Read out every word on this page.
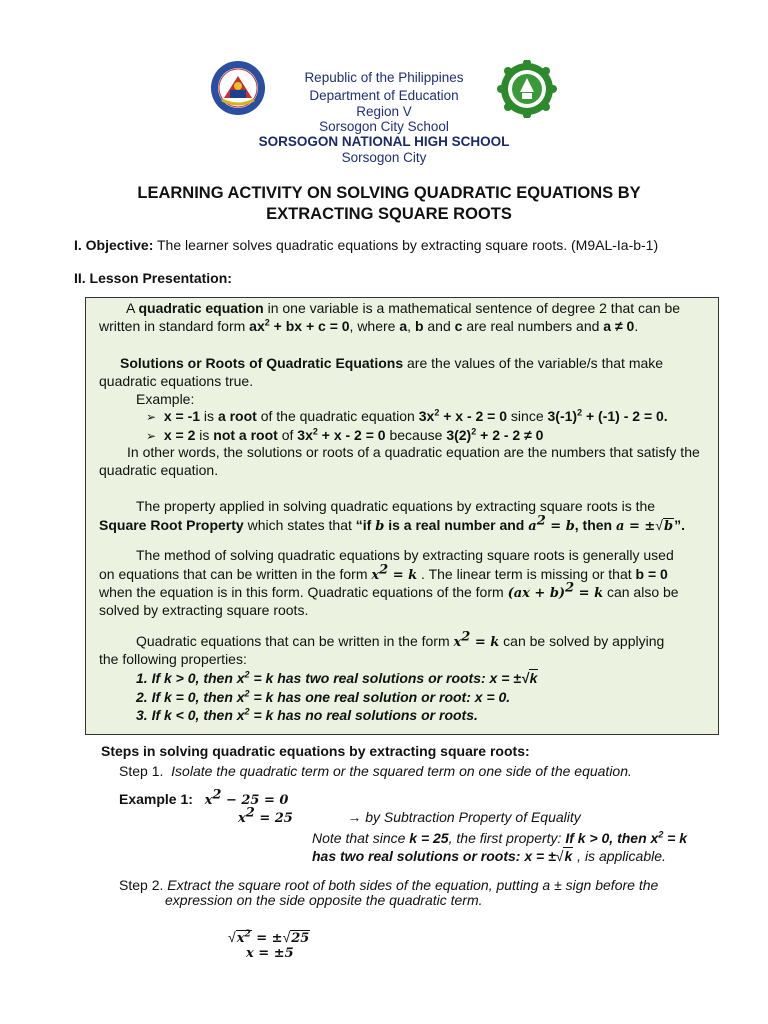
Republic of the Philippines
Department of Education
Region V
Sorsogon City School
SORSOGON NATIONAL HIGH SCHOOL
Sorsogon City
LEARNING ACTIVITY ON SOLVING QUADRATIC EQUATIONS BY
EXTRACTING SQUARE ROOTS
I. Objective: The learner solves quadratic equations by extracting square roots. (M9AL-Ia-b-1)
II. Lesson Presentation:
A quadratic equation in one variable is a mathematical sentence of degree 2 that can be
written in standard form $ax^2$ + bx + c = 0, where a, b and c are real numbers and a ≠ 0.
Solutions or Roots of Quadratic Equations are the values of the variable/s that make
quadratic equations true.
Example:
➢ x = -1 is a root of the quadratic equation $3x^2 + x - 2 = 0$ since $3(-1)^2 + (-1) - 2 = 0$.
➢ x = 2 is not a root of $3x^2 + x - 2 = 0$ because $3(2)^2 + 2 - 2 \ne 0$
In other words, the solutions or roots of a quadratic equation are the numbers that satisfy the
quadratic equation.
The property applied in solving quadratic equations by extracting square roots is the
Square Root Property which states that “if b is a real number and $a^2 = b$, then a = ±√b”.
The method of solving quadratic equations by extracting square roots is generally used
on equations that can be written in the form $x^2 = k$ . The linear term is missing or that b = 0
when the equation is in this form. Quadratic equations of the form (ax + b)$^2$ = k can also be
solved by extracting square roots.
Quadratic equations that can be written in the form $x^2 = k$ can be solved by applying
the following properties:
1. If k > 0, then $x^2 = k$ has two real solutions or roots: x = ±√k
2. If k = 0, then $x^2 = k$ has one real solution or root: x = 0.
3. If k < 0, then $x^2 = k$ has no real solutions or roots.
Steps in solving quadratic equations by extracting square roots:
Step 1. Isolate the quadratic term or the squared term on one side of the equation.
Example 1: $x^2 - 25 = 0$
$x^2 = 25$	→ by Subtraction Property of Equality
Note that since k = 25, the first property: If k > 0, then $x^2 = k$
has two real solutions or roots: x = ±√k , is applicable.
Step 2. Extract the square root of both sides of the equation, putting a ± sign before the
expression on the side opposite the quadratic term.
$√x^2 = \pm√25$
x = ±5
